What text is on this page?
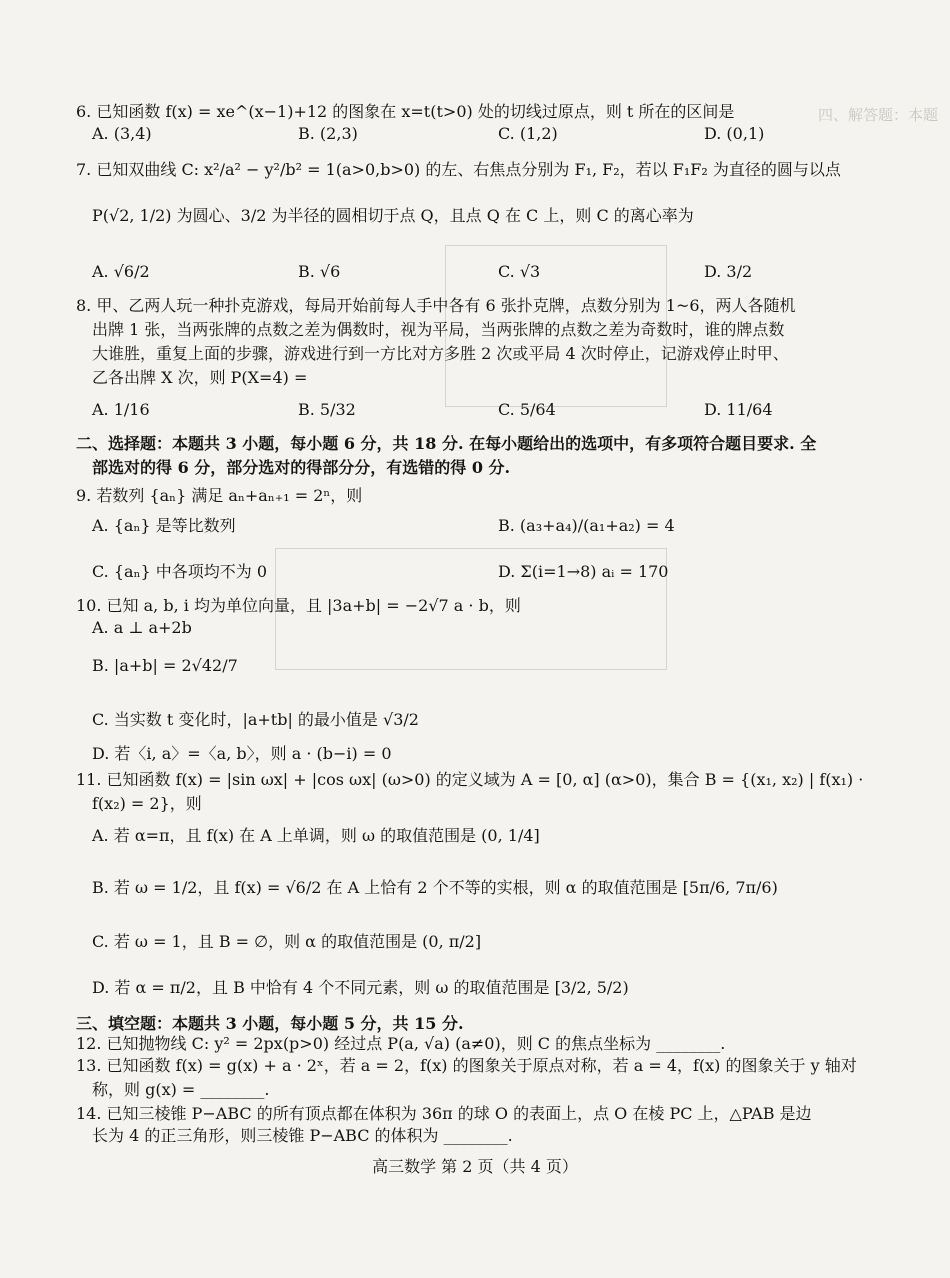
四、解答题：本题
6. 已知函数 f(x) = xe^(x−1)+12 的图象在 x=t(t>0) 处的切线过原点，则 t 所在的区间是
A. (3,4)	B. (2,3)	C. (1,2)	D. (0,1)
7. 已知双曲线 C: x²/a² − y²/b² = 1(a>0,b>0) 的左、右焦点分别为 F₁, F₂，若以 F₁F₂ 为直径的圆与以点
P(√2, 1/2) 为圆心、3/2 为半径的圆相切于点 Q，且点 Q 在 C 上，则 C 的离心率为
A. √6/2	B. √6	C. √3	D. 3/2
8. 甲、乙两人玩一种扑克游戏，每局开始前每人手中各有 6 张扑克牌，点数分别为 1~6，两人各随机
出牌 1 张，当两张牌的点数之差为偶数时，视为平局，当两张牌的点数之差为奇数时，谁的牌点数
大谁胜，重复上面的步骤，游戏进行到一方比对方多胜 2 次或平局 4 次时停止，记游戏停止时甲、
乙各出牌 X 次，则 P(X=4) =
A. 1/16	B. 5/32	C. 5/64	D. 11/64
二、选择题：本题共 3 小题，每小题 6 分，共 18 分. 在每小题给出的选项中，有多项符合题目要求. 全
部选对的得 6 分，部分选对的得部分分，有选错的得 0 分.
9. 若数列 {aₙ} 满足 aₙ+aₙ₊₁ = 2ⁿ，则
A. {aₙ} 是等比数列	B. (a₃+a₄)/(a₁+a₂) = 4
C. {aₙ} 中各项均不为 0	D. Σ(i=1→8) aᵢ = 170
10. 已知 a, b, i 均为单位向量，且 |3a+b| = −2√7 a · b，则
A. a ⊥ a+2b
B. |a+b| = 2√42/7
C. 当实数 t 变化时，|a+tb| 的最小值是 √3/2
D. 若〈i, a〉=〈a, b〉，则 a · (b−i) = 0
11. 已知函数 f(x) = |sin ωx| + |cos ωx| (ω>0) 的定义域为 A = [0, α] (α>0)，集合 B = {(x₁, x₂) | f(x₁) ·
f(x₂) = 2}，则
A. 若 α=π，且 f(x) 在 A 上单调，则 ω 的取值范围是 (0, 1/4]
B. 若 ω = 1/2，且 f(x) = √6/2 在 A 上恰有 2 个不等的实根，则 α 的取值范围是 [5π/6, 7π/6)
C. 若 ω = 1，且 B = ∅，则 α 的取值范围是 (0, π/2]
D. 若 α = π/2，且 B 中恰有 4 个不同元素，则 ω 的取值范围是 [3/2, 5/2)
三、填空题：本题共 3 小题，每小题 5 分，共 15 分.
12. 已知抛物线 C: y² = 2px(p>0) 经过点 P(a, √a) (a≠0)，则 C 的焦点坐标为 ________.
13. 已知函数 f(x) = g(x) + a · 2ˣ，若 a = 2，f(x) 的图象关于原点对称，若 a = 4，f(x) 的图象关于 y 轴对
称，则 g(x) = ________.
14. 已知三棱锥 P−ABC 的所有顶点都在体积为 36π 的球 O 的表面上，点 O 在棱 PC 上，△PAB 是边
长为 4 的正三角形，则三棱锥 P−ABC 的体积为 ________.
高三数学 第 2 页（共 4 页）
